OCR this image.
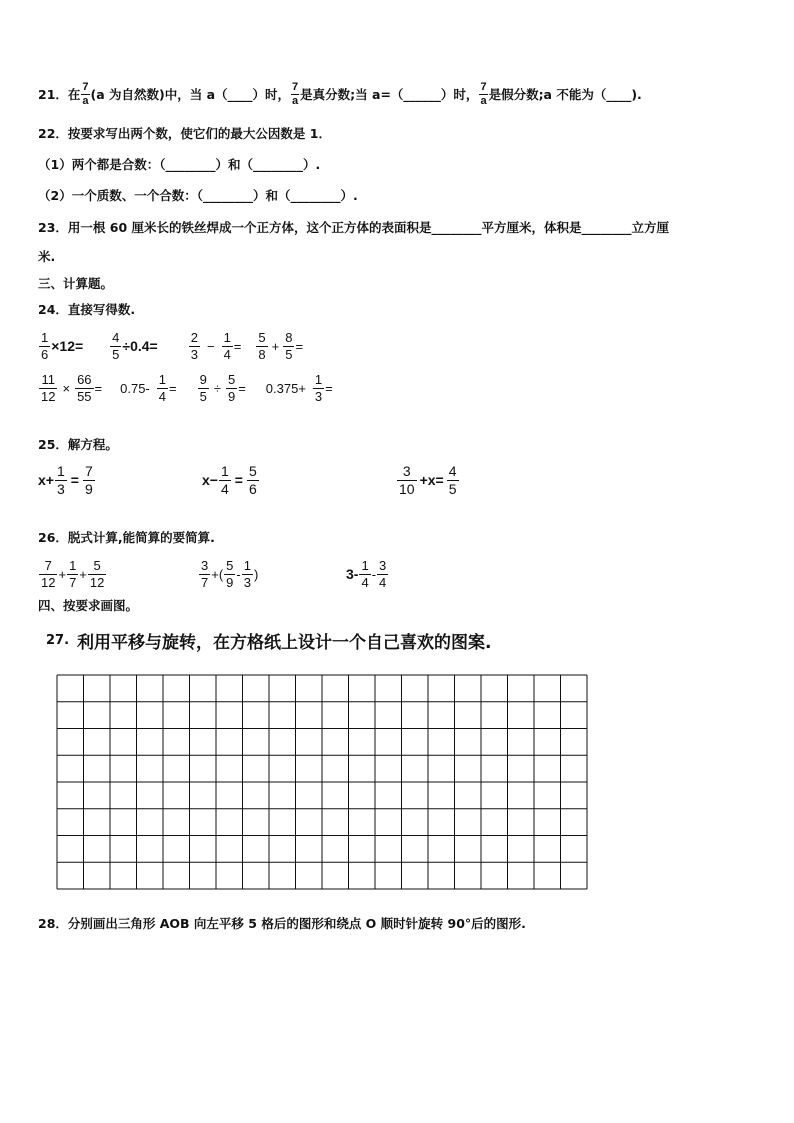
21．在 $\frac{7}{a} (a$ 为自然数)中，当 a（____）时， $\frac{7}{a}$ 是真分数;当 a=（______）时， $\frac{7}{a}$ 是假分数;a 不能为（____).
22．按要求写出两个数，使它们的最大公因数是 1．
（1）两个都是合数：（________）和（________）.
（2）一个质数、一个合数：（________）和（________）.
23．用一根 60 厘米长的铁丝焊成一个正方体，这个正方体的表面积是________平方厘米，体积是________立方厘
米.
三、计算题。
24．直接写得数.
$\frac{1}{6} \times 12= \frac{4}{5} \div 0.4= \frac{2}{3} - \frac{1}{4} = \frac{5}{8} + \frac{8}{5}$ =
$\frac{11}{12} \times \frac{66}{55} = 0.75- \frac{1}{4} = \frac{9}{5} \div \frac{5}{9} = 0.375+ \frac{1}{3}$ =
25．解方程。
$x+ \frac{1}{3} = \frac{7}{9}$	$x- \frac{1}{4} = \frac{5}{6}$	$\frac{3}{10} +x= \frac{4}{5}$
26．脱式计算,能简算的要简算.
$\frac{7}{12} + \frac{1}{7} + \frac{5}{12}$	$\frac{3}{7}$ +( $\frac{5}{9} - \frac{1}{3}$ )	$3- \frac{1}{4} - \frac{3}{4}$
四、按要求画图。
27. 利用平移与旋转，在方格纸上设计一个自己喜欢的图案.
28．分别画出三角形 AOB 向左平移 5 格后的图形和绕点 O 顺时针旋转 90°后的图形.
